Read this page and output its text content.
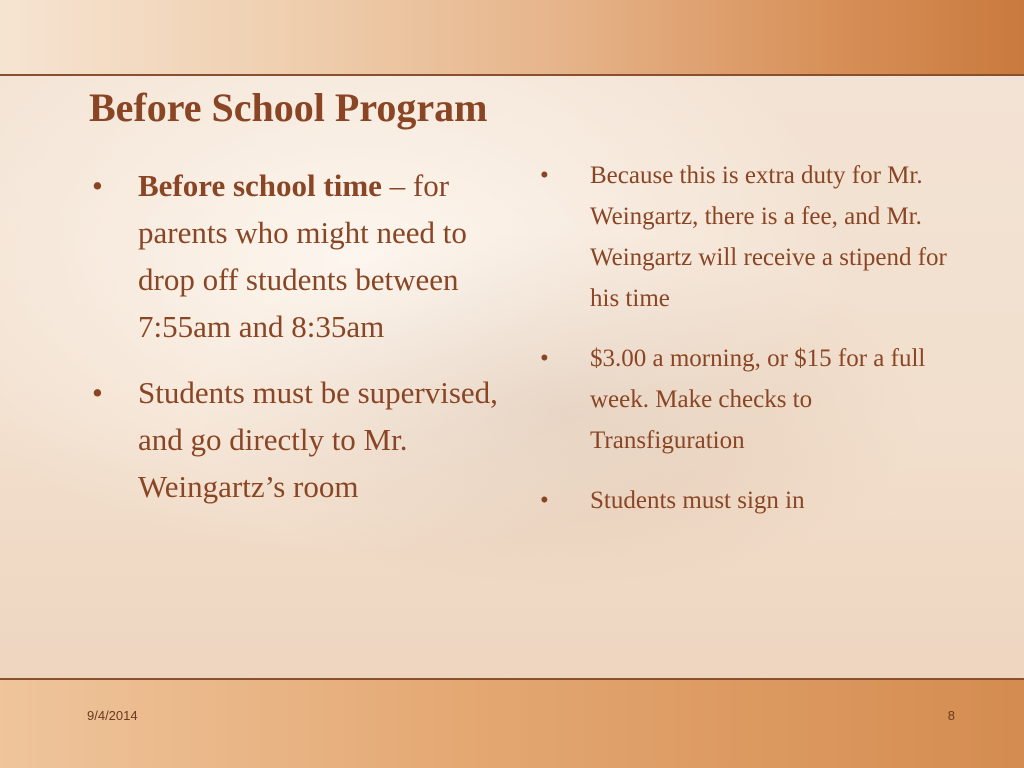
Before School Program
• Before school time – for parents who might need to drop off students between 7:55am and 8:35am
• Students must be supervised, and go directly to Mr. Weingartz’s room
• Because this is extra duty for Mr. Weingartz, there is a fee, and Mr. Weingartz will receive a stipend for his time
• $3.00 a morning, or $15 for a full week. Make checks to Transfiguration
• Students must sign in
9/4/2014	8
